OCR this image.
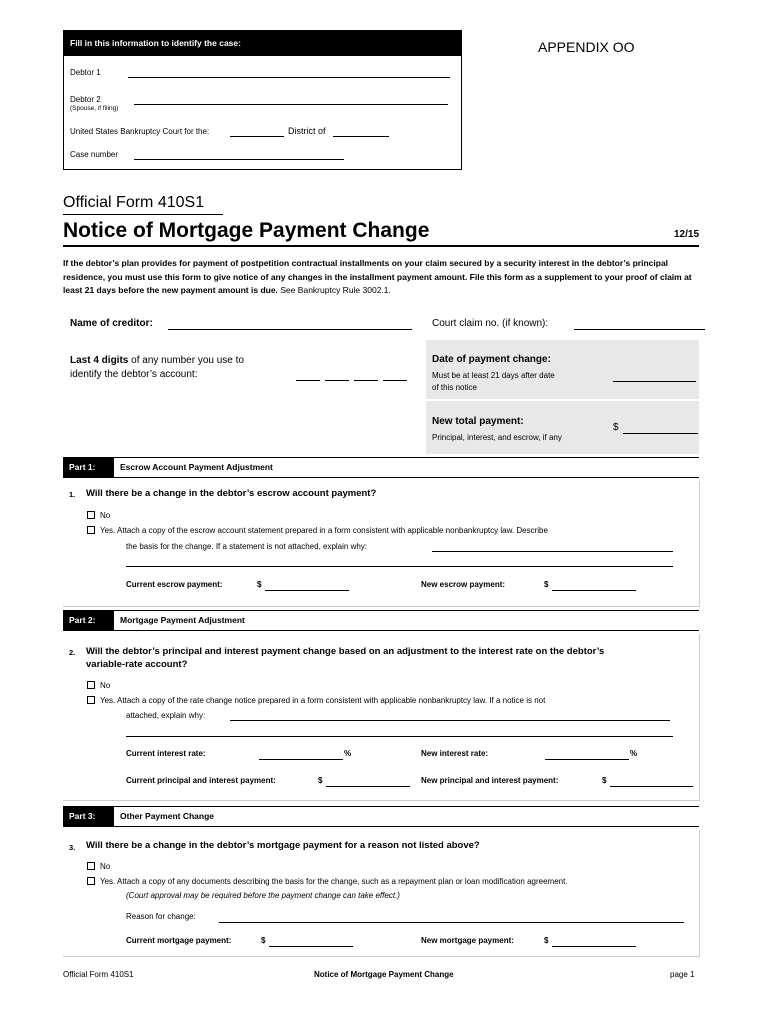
Fill in this information to identify the case:
Debtor 1
Debtor 2
(Spouse, if filing)
United States Bankruptcy Court for the:	District of
Case number
APPENDIX OO
Official Form 410S1
Notice of Mortgage Payment Change	12/15
If the debtor’s plan provides for payment of postpetition contractual installments on your claim secured by a security interest in the debtor’s principal residence, you must use this form to give notice of any changes in the installment payment amount. File this form as a supplement to your proof of claim at least 21 days before the new payment amount is due. See Bankruptcy Rule 3002.1.
Name of creditor:	Court claim no. (if known):
Last 4 digits of any number you use to
identify the debtor’s account:
Date of payment change:
Must be at least 21 days after date
of this notice
New total payment:
Principal, interest, and escrow, if any
$
Part 1:	Escrow Account Payment Adjustment
1. Will there be a change in the debtor’s escrow account payment?
No
Yes. Attach a copy of the escrow account statement prepared in a form consistent with applicable nonbankruptcy law. Describe
the basis for the change. If a statement is not attached, explain why:
Current escrow payment:	$	New escrow payment:	$
Part 2:	Mortgage Payment Adjustment
2. Will the debtor’s principal and interest payment change based on an adjustment to the interest rate on the debtor’s
variable-rate account?
No
Yes. Attach a copy of the rate change notice prepared in a form consistent with applicable nonbankruptcy law. If a notice is not
attached, explain why:
Current interest rate:	%	New interest rate:	%
Current principal and interest payment:	$	New principal and interest payment:	$
Part 3:	Other Payment Change
3. Will there be a change in the debtor’s mortgage payment for a reason not listed above?
No
Yes. Attach a copy of any documents describing the basis for the change, such as a repayment plan or loan modification agreement.
(Court approval may be required before the payment change can take effect.)
Reason for change:
Current mortgage payment:	$	New mortgage payment:	$
Official Form 410S1	Notice of Mortgage Payment Change	page 1
